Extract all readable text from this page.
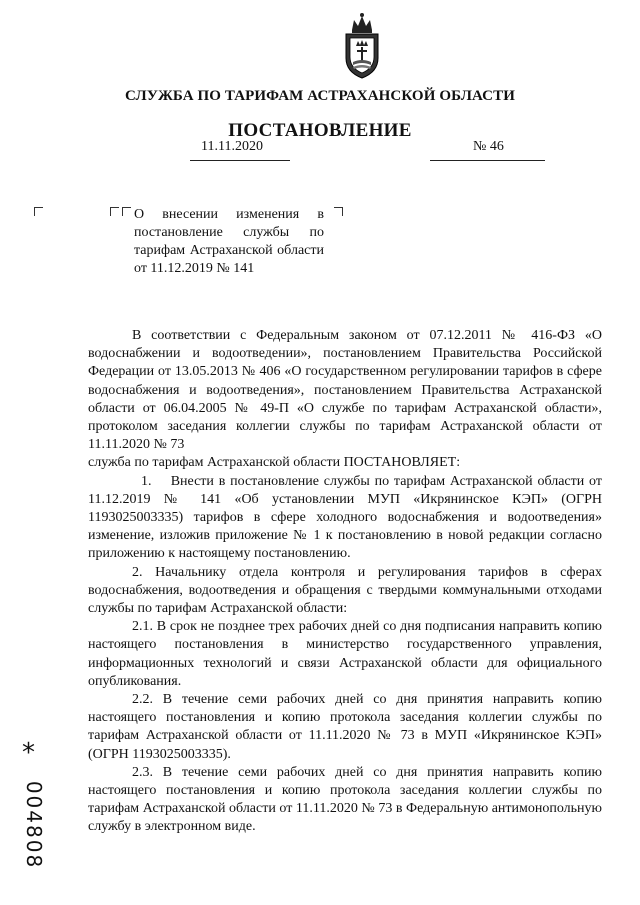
СЛУЖБА ПО ТАРИФАМ АСТРАХАНСКОЙ ОБЛАСТИ
ПОСТАНОВЛЕНИЕ
11.11.2020	№ 46
О внесении изменения в постановление службы по тарифам Астраханской области от 11.12.2019 № 141

В соответствии с Федеральным законом от 07.12.2011 № 416-ФЗ «О водоснабжении и водоотведении», постановлением Правительства Российской Федерации от 13.05.2013 № 406 «О государственном регулировании тарифов в сфере водоснабжения и водоотведения», постановлением Правительства Астраханской области от 06.04.2005 № 49-П «О службе по тарифам Астраханской области», протоколом заседания коллегии службы по тарифам Астраханской области от 11.11.2020 № 73

служба по тарифам Астраханской области ПОСТАНОВЛЯЕТ:

1.    Внести в постановление службы по тарифам Астраханской области от 11.12.2019 № 141 «Об установлении МУП «Икрянинское КЭП» (ОГРН 1193025003335) тарифов в сфере холодного водоснабжения и водоотведения» изменение, изложив приложение № 1 к постановлению в новой редакции согласно приложению к настоящему постановлению.

2. Начальнику отдела контроля и регулирования тарифов в сферах водоснабжения, водоотведения и обращения с твердыми коммунальными отходами службы по тарифам Астраханской области:

2.1. В срок не позднее трех рабочих дней со дня подписания направить копию настоящего постановления в министерство государственного управления, информационных технологий и связи Астраханской области для официального опубликования.

2.2. В течение семи рабочих дней со дня принятия направить копию настоящего постановления и копию протокола заседания коллегии службы по тарифам Астраханской области от 11.11.2020 № 73 в МУП «Икрянинское КЭП» (ОГРН 1193025003335).

2.3. В течение семи рабочих дней со дня принятия направить копию настоящего постановления и копию протокола заседания коллегии службы по тарифам Астраханской области от 11.11.2020 № 73 в Федеральную антимонопольную службу в электронном виде.

*
004808
